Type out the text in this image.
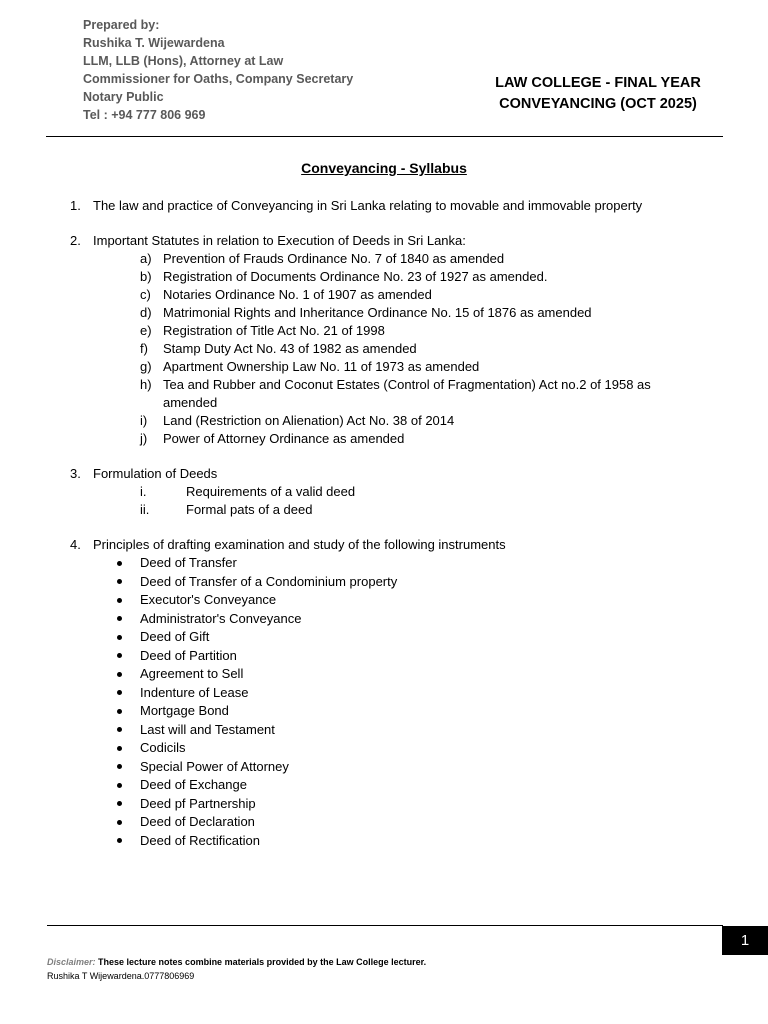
Prepared by:
Rushika T. Wijewardena
LLM, LLB (Hons), Attorney at Law
Commissioner for Oaths, Company Secretary
Notary Public
Tel : +94 777 806 969
LAW COLLEGE - FINAL YEAR
CONVEYANCING (OCT 2025)
Conveyancing - Syllabus
1. The law and practice of Conveyancing in Sri Lanka relating to movable and immovable property
2. Important Statutes in relation to Execution of Deeds in Sri Lanka:
a) Prevention of Frauds Ordinance No. 7 of 1840 as amended
b) Registration of Documents Ordinance No. 23 of 1927 as amended.
c) Notaries Ordinance No. 1 of 1907 as amended
d) Matrimonial Rights and Inheritance Ordinance No. 15 of 1876 as amended
e) Registration of Title Act No. 21 of 1998
f) Stamp Duty Act No. 43 of 1982 as amended
g) Apartment Ownership Law No. 11 of 1973 as amended
h) Tea and Rubber and Coconut Estates (Control of Fragmentation) Act no.2 of 1958 as amended
i) Land (Restriction on Alienation) Act No. 38 of 2014
j) Power of Attorney Ordinance as amended
3. Formulation of Deeds
i.	Requirements of a valid deed
ii.	Formal pats of a deed
4. Principles of drafting examination and study of the following instruments
Deed of Transfer
Deed of Transfer of a Condominium property
Executor's Conveyance
Administrator's Conveyance
Deed of Gift
Deed of Partition
Agreement to Sell
Indenture of Lease
Mortgage Bond
Last will and Testament
Codicils
Special Power of Attorney
Deed of Exchange
Deed pf Partnership
Deed of Declaration
Deed of Rectification
1
Disclaimer: These lecture notes combine materials provided by the Law College lecturer.
Rushika T Wijewardena.0777806969
